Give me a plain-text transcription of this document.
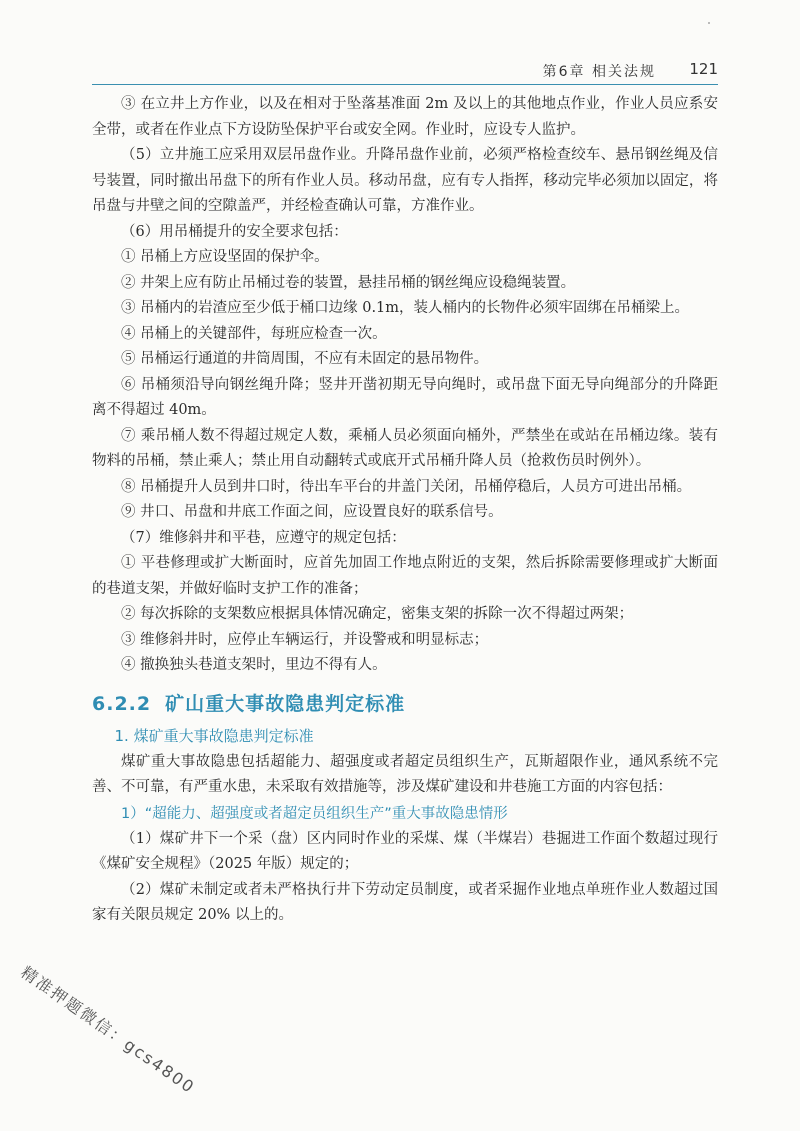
第6章 相关法规 121

③ 在立井上方作业，以及在相对于坠落基准面 2m 及以上的其他地点作业，作业人员应系安全带，或者在作业点下方设防坠保护平台或安全网。作业时，应设专人监护。

（5）立井施工应采用双层吊盘作业。升降吊盘作业前，必须严格检查绞车、悬吊钢丝绳及信号装置，同时撤出吊盘下的所有作业人员。移动吊盘，应有专人指挥，移动完毕必须加以固定，将吊盘与井壁之间的空隙盖严，并经检查确认可靠，方准作业。

（6）用吊桶提升的安全要求包括：

① 吊桶上方应设坚固的保护伞。

② 井架上应有防止吊桶过卷的装置，悬挂吊桶的钢丝绳应设稳绳装置。

③ 吊桶内的岩渣应至少低于桶口边缘 0.1m，装人桶内的长物件必须牢固绑在吊桶梁上。

④ 吊桶上的关键部件，每班应检查一次。

⑤ 吊桶运行通道的井筒周围，不应有未固定的悬吊物件。

⑥ 吊桶须沿导向钢丝绳升降；竖井开凿初期无导向绳时，或吊盘下面无导向绳部分的升降距离不得超过 40m。

⑦ 乘吊桶人数不得超过规定人数，乘桶人员必须面向桶外，严禁坐在或站在吊桶边缘。装有物料的吊桶，禁止乘人；禁止用自动翻转式或底开式吊桶升降人员（抢救伤员时例外）。

⑧ 吊桶提升人员到井口时，待出车平台的井盖门关闭，吊桶停稳后，人员方可进出吊桶。

⑨ 井口、吊盘和井底工作面之间，应设置良好的联系信号。

（7）维修斜井和平巷，应遵守的规定包括：

① 平巷修理或扩大断面时，应首先加固工作地点附近的支架，然后拆除需要修理或扩大断面的巷道支架，并做好临时支护工作的准备；

② 每次拆除的支架数应根据具体情况确定，密集支架的拆除一次不得超过两架；

③ 维修斜井时，应停止车辆运行，并设警戒和明显标志；

④ 撤换独头巷道支架时，里边不得有人。

6.2.2 矿山重大事故隐患判定标准
1. 煤矿重大事故隐患判定标准

煤矿重大事故隐患包括超能力、超强度或者超定员组织生产，瓦斯超限作业，通风系统不完善、不可靠，有严重水患，未采取有效措施等，涉及煤矿建设和井巷施工方面的内容包括：

1）“超能力、超强度或者超定员组织生产”重大事故隐患情形

（1）煤矿井下一个采（盘）区内同时作业的采煤、煤（半煤岩）巷掘进工作面个数超过现行《煤矿安全规程》（2025 年版）规定的；

（2）煤矿未制定或者未严格执行井下劳动定员制度，或者采掘作业地点单班作业人数超过国家有关限员规定 20% 以上的。

精准押题微信：gcs4800
